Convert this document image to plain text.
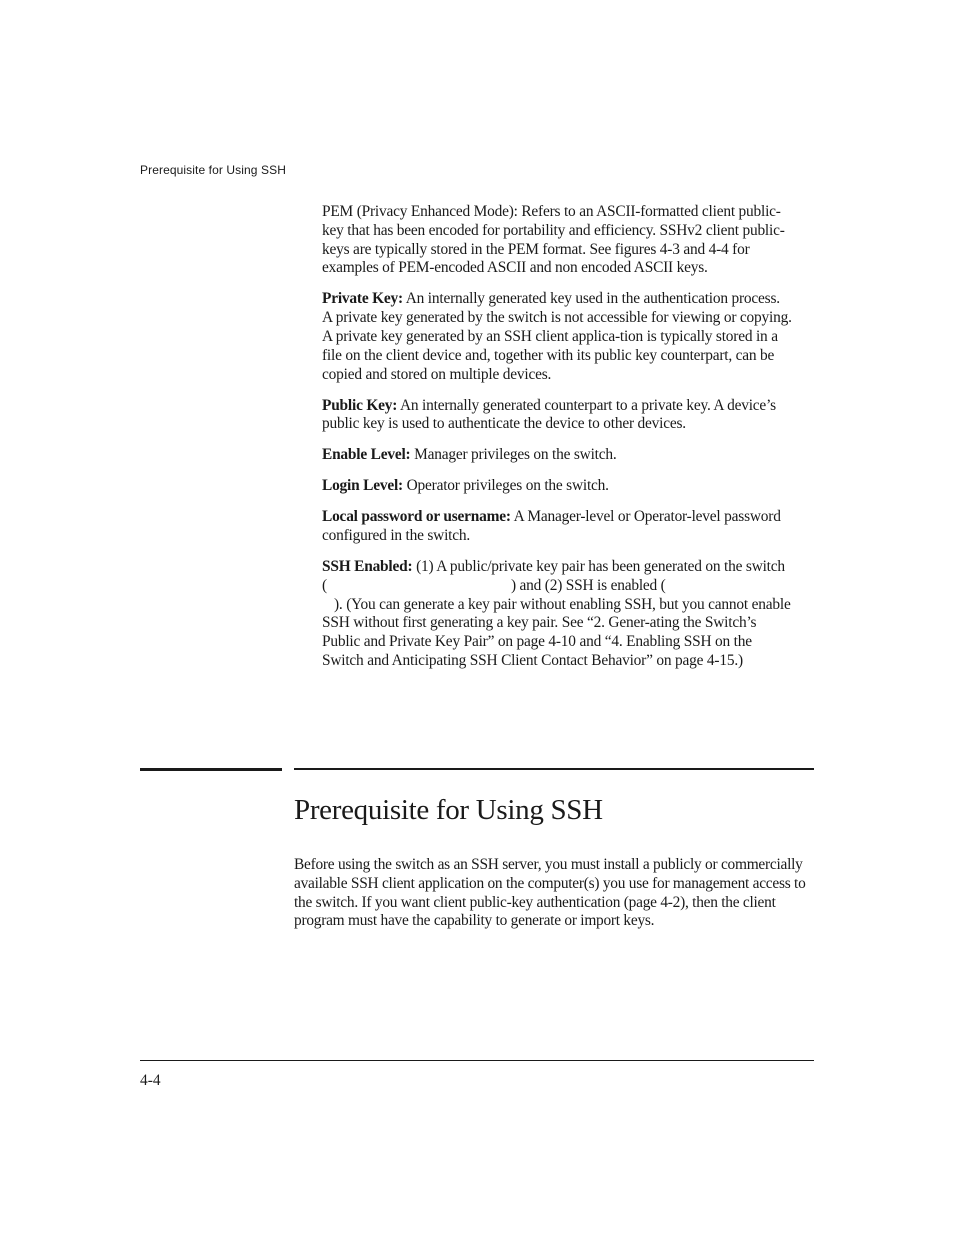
Prerequisite for Using SSH

PEM (Privacy Enhanced Mode): Refers to an ASCII-formatted client public-key that has been encoded for portability and efficiency. SSHv2 client public-keys are typically stored in the PEM format. See figures 4-3 and 4-4 for examples of PEM-encoded ASCII and non encoded ASCII keys.

Private Key: An internally generated key used in the authentication process. A private key generated by the switch is not accessible for viewing or copying. A private key generated by an SSH client applica-tion is typically stored in a file on the client device and, together with its public key counterpart, can be copied and stored on multiple devices.

Public Key: An internally generated counterpart to a private key. A device’s public key is used to authenticate the device to other devices.

Enable Level: Manager privileges on the switch.

Login Level: Operator privileges on the switch.

Local password or username: A Manager-level or Operator-level password configured in the switch.

SSH Enabled: (1) A public/private key pair has been generated on the switch (	) and (2) SSH is enabled (
). (You can generate a key pair without enabling SSH, but you cannot enable SSH without first generating a key pair. See “2. Gener-ating the Switch’s Public and Private Key Pair” on page 4-10 and “4. Enabling SSH on the Switch and Anticipating SSH Client Contact Behavior” on page 4-15.)

Prerequisite for Using SSH

Before using the switch as an SSH server, you must install a publicly or commercially available SSH client application on the computer(s) you use for management access to the switch. If you want client public-key authentication (page 4-2), then the client program must have the capability to generate or import keys.

4-4
